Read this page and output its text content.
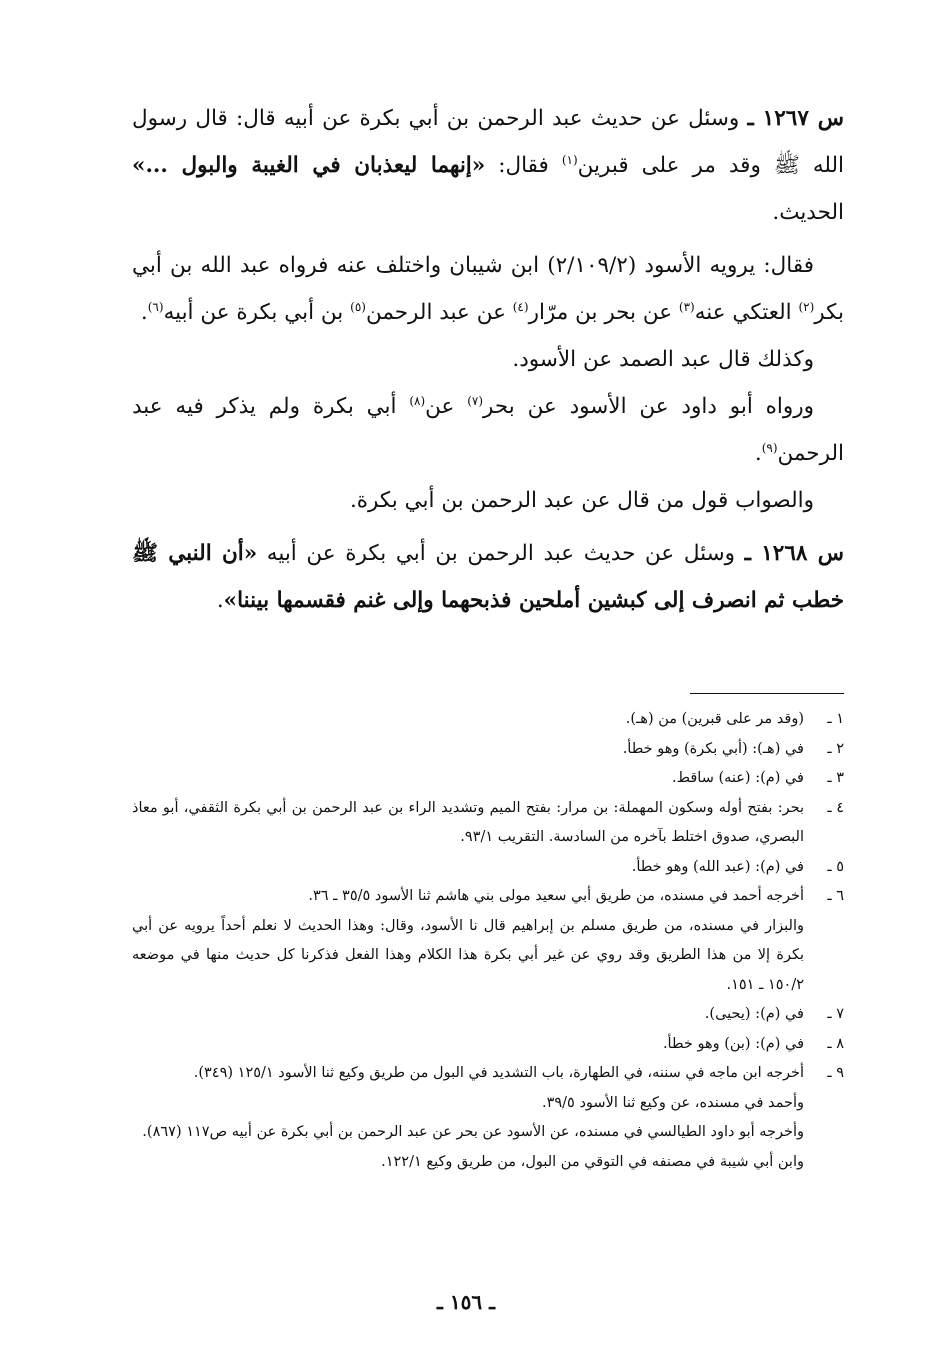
س ١٢٦٧ ـ وسئل عن حديث عبد الرحمن بن أبي بكرة عن أبيه قال: قال رسول الله ﷺ وقد مر على قبرين$^{(١)}$ فقال: «إنهما ليعذبان في الغيبة والبول ...» الحديث.

فقال: يرويه الأسود (٢/١٠٩/٢) ابن شيبان واختلف عنه فرواه عبد الله بن أبي بكر$^{(٢)}$ العتكي عنه$^{(٣)}$ عن بحر بن مرّار$^{(٤)}$ عن عبد الرحمن$^{(٥)}$ بن أبي بكرة عن أبيه$^{(٦)}$.

وكذلك قال عبد الصمد عن الأسود.

ورواه أبو داود عن الأسود عن بحر$^{(٧)}$ عن$^{(٨)}$ أبي بكرة ولم يذكر فيه عبد الرحمن$^{(٩)}$.

والصواب قول من قال عن عبد الرحمن بن أبي بكرة.

س ١٢٦٨ ـ وسئل عن حديث عبد الرحمن بن أبي بكرة عن أبيه «أن النبي ﷺ خطب ثم انصرف إلى كبشين أملحين فذبحهما وإلى غنم فقسمها بيننا».

١ ـ

(وقد مر على قبرين) من (هـ).

٢ ـ

في (هـ): (أبي بكرة) وهو خطأ.

٣ ـ

في (م): (عنه) ساقط.

٤ ـ

بحر: بفتح أوله وسكون المهملة: بن مرار: بفتح الميم وتشديد الراء بن عبد الرحمن بن أبي بكرة الثقفي، أبو معاذ البصري، صدوق اختلط بآخره من السادسة. التقريب ٩٣/١.

٥ ـ

في (م): (عبد الله) وهو خطأ.

٦ ـ

أخرجه أحمد في مسنده، من طريق أبي سعيد مولى بني هاشم ثنا الأسود ٣٥/٥ ـ ٣٦.

والبزار في مسنده، من طريق مسلم بن إبراهيم قال نا الأسود، وقال: وهذا الحديث لا نعلم أحداً يرويه عن أبي بكرة إلا من هذا الطريق وقد روي عن غير أبي بكرة هذا الكلام وهذا الفعل فذكرنا كل حديث منها في موضعه ١٥٠/٢ ـ ١٥١.

٧ ـ

في (م): (يحيى).

٨ ـ

في (م): (بن) وهو خطأ.

٩ ـ

أخرجه ابن ماجه في سننه، في الطهارة، باب التشديد في البول من طريق وكيع ثنا الأسود ١٢٥/١ (٣٤٩).

وأحمد في مسنده، عن وكيع ثنا الأسود ٣٩/٥.

وأخرجه أبو داود الطيالسي في مسنده، عن الأسود عن بحر عن عبد الرحمن بن أبي بكرة عن أبيه ص١١٧ (٨٦٧).

وابن أبي شيبة في مصنفه في التوقي من البول، من طريق وكيع ١٢٢/١.

ـ ١٥٦ ـ
